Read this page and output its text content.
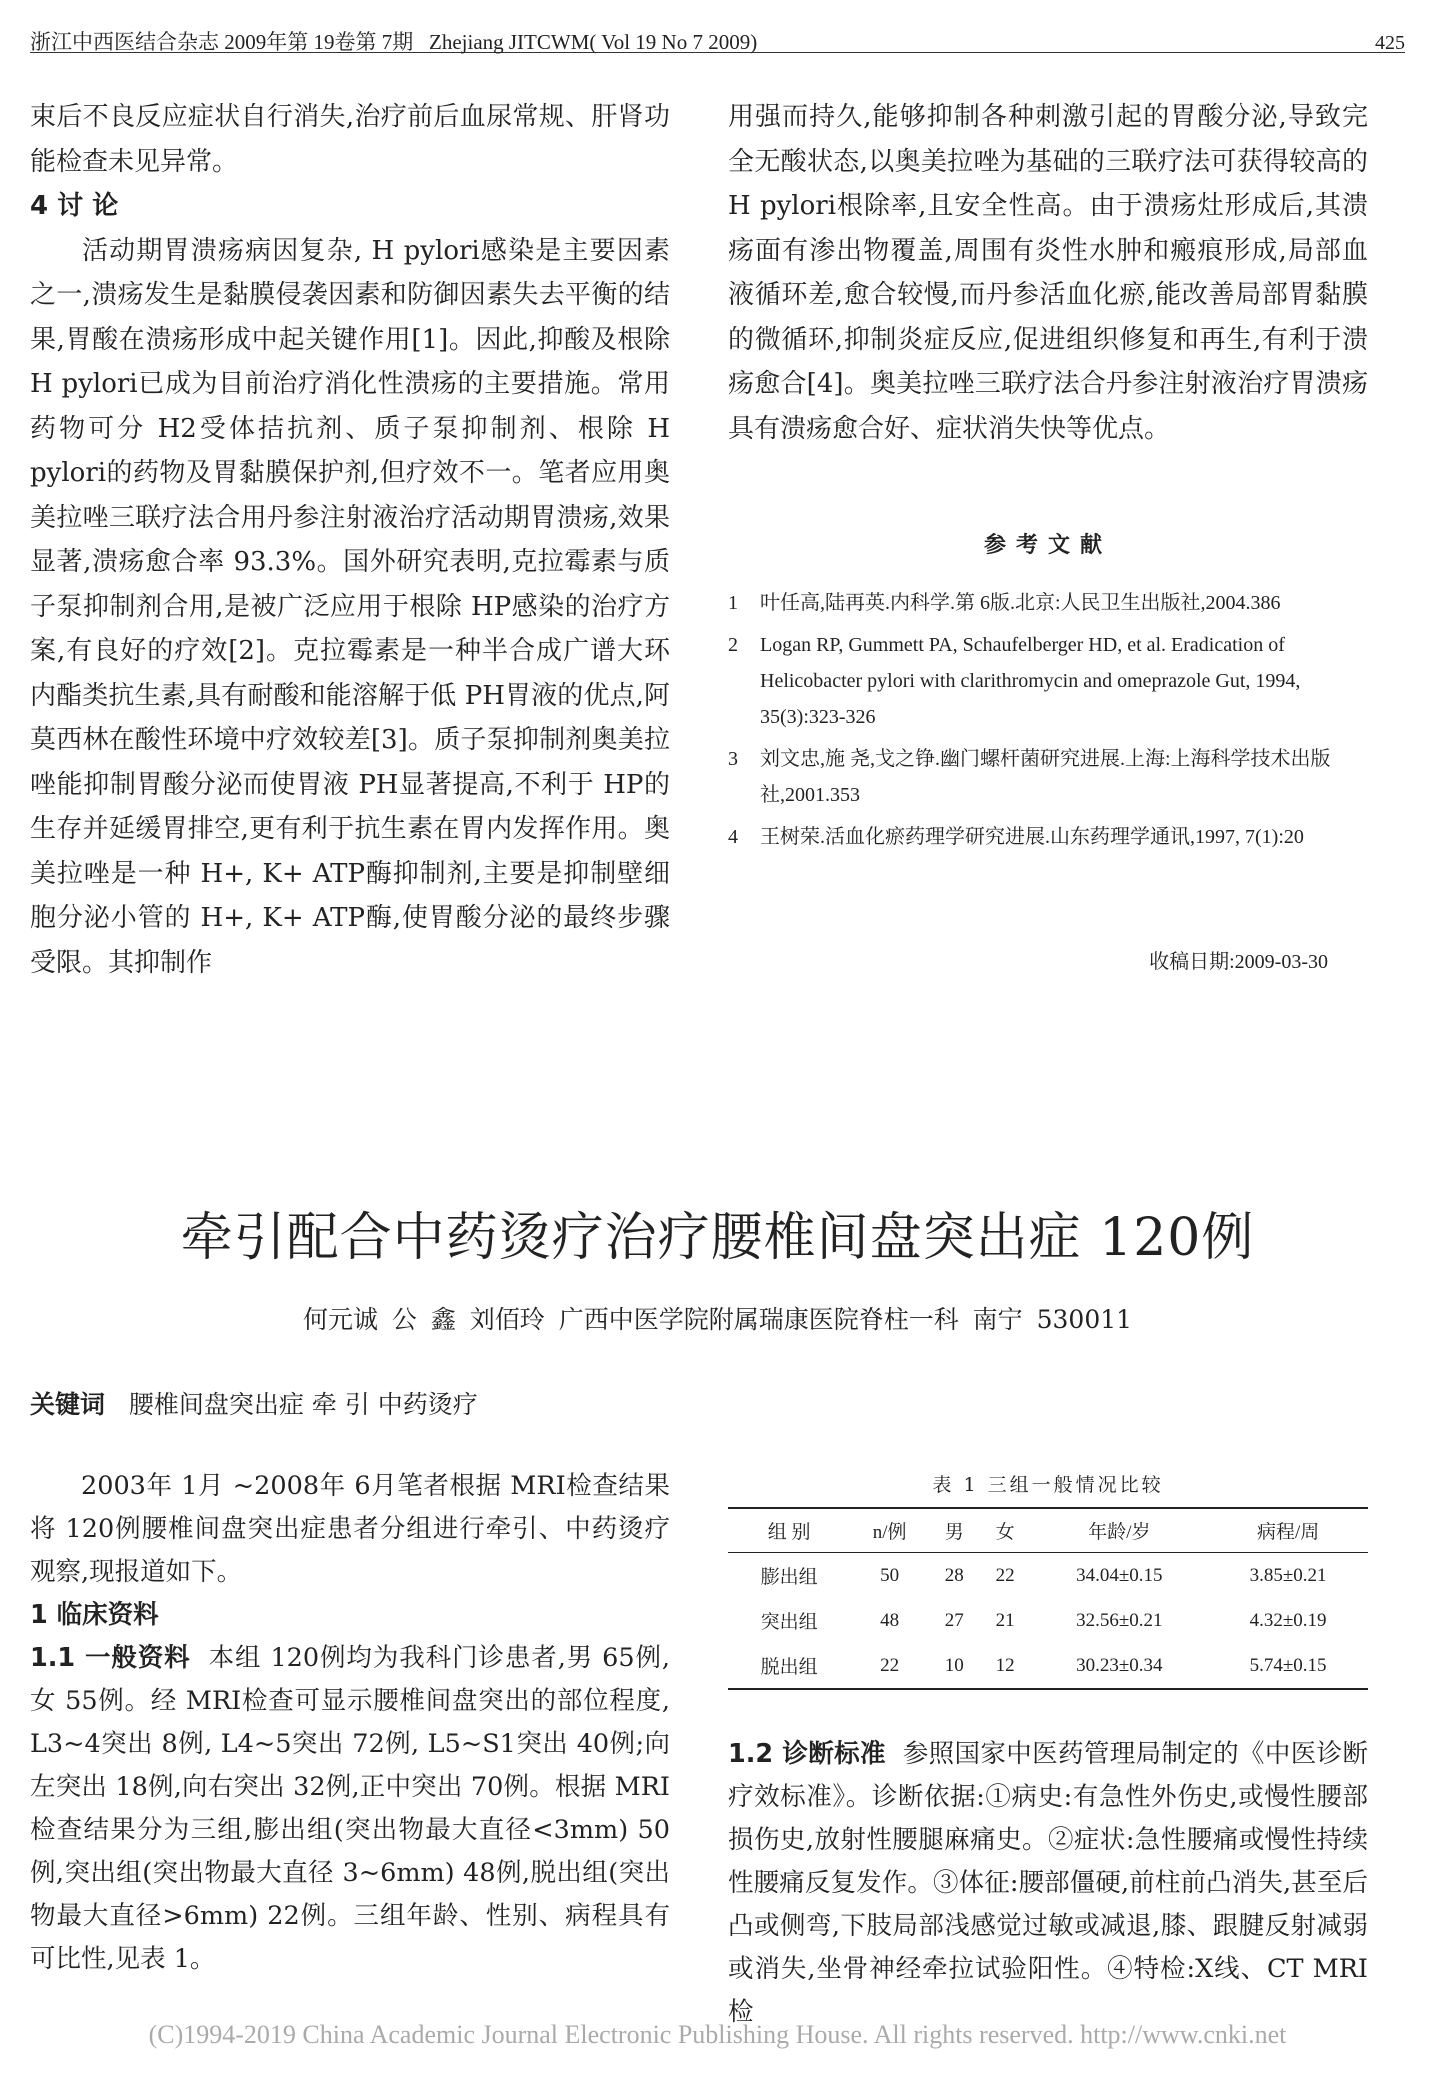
浙江中西医结合杂志 2009年第 19卷第 7期 Zhejiang JITCWM( Vol 19 No 7 2009)	425

束后不良反应症状自行消失,治疗前后血尿常规、肝肾功能检查未见异常。

4 讨 论

活动期胃溃疡病因复杂, H pylori感染是主要因素之一,溃疡发生是黏膜侵袭因素和防御因素失去平衡的结果,胃酸在溃疡形成中起关键作用[1]。因此,抑酸及根除 H pylori已成为目前治疗消化性溃疡的主要措施。常用药物可分 H2受体拮抗剂、质子泵抑制剂、根除 H pylori的药物及胃黏膜保护剂,但疗效不一。笔者应用奥美拉唑三联疗法合用丹参注射液治疗活动期胃溃疡,效果显著,溃疡愈合率 93.3%。国外研究表明,克拉霉素与质子泵抑制剂合用,是被广泛应用于根除 HP感染的治疗方案,有良好的疗效[2]。克拉霉素是一种半合成广谱大环内酯类抗生素,具有耐酸和能溶解于低 PH胃液的优点,阿莫西林在酸性环境中疗效较差[3]。质子泵抑制剂奥美拉唑能抑制胃酸分泌而使胃液 PH显著提高,不利于 HP的生存并延缓胃排空,更有利于抗生素在胃内发挥作用。奥美拉唑是一种 H+, K+ ATP酶抑制剂,主要是抑制壁细胞分泌小管的 H+, K+ ATP酶,使胃酸分泌的最终步骤受限。其抑制作

用强而持久,能够抑制各种刺激引起的胃酸分泌,导致完全无酸状态,以奥美拉唑为基础的三联疗法可获得较高的 H pylori根除率,且安全性高。由于溃疡灶形成后,其溃疡面有渗出物覆盖,周围有炎性水肿和瘢痕形成,局部血液循环差,愈合较慢,而丹参活血化瘀,能改善局部胃黏膜的微循环,抑制炎症反应,促进组织修复和再生,有利于溃疡愈合[4]。奥美拉唑三联疗法合丹参注射液治疗胃溃疡具有溃疡愈合好、症状消失快等优点。

参考文献
1	叶任高,陆再英.内科学.第 6版.北京:人民卫生出版社,2004.386
2	Logan RP, Gummett PA, Schaufelberger HD, et al. Eradication of Helicobacter pylori with clarithromycin and omeprazole Gut, 1994, 35(3):323-326
3	刘文忠,施 尧,戈之铮.幽门螺杆菌研究进展.上海:上海科学技术出版社,2001.353
4	王树荣.活血化瘀药理学研究进展.山东药理学通讯,1997, 7(1):20
收稿日期:2009-03-30
牵引配合中药烫疗治疗腰椎间盘突出症 120例
何元诚 公 鑫 刘佰玲 广西中医学院附属瑞康医院脊柱一科 南宁 530011
关键词 腰椎间盘突出症 牵 引 中药烫疗

2003年 1月 ~2008年 6月笔者根据 MRI检查结果将 120例腰椎间盘突出症患者分组进行牵引、中药烫疗观察,现报道如下。

1 临床资料

1.1 一般资料 本组 120例均为我科门诊患者,男 65例,女 55例。经 MRI检查可显示腰椎间盘突出的部位程度, L3~4突出 8例, L4~5突出 72例, L5~S1突出 40例;向左突出 18例,向右突出 32例,正中突出 70例。根据 MRI检查结果分为三组,膨出组(突出物最大直径<3mm) 50例,突出组(突出物最大直径 3~6mm) 48例,脱出组(突出物最大直径>6mm) 22例。三组年龄、性别、病程具有可比性,见表 1。

表 1 三组一般情况比较
组 别	n/例	男	女	年龄/岁	病程/周
膨出组	50	28	22	34.04±0.15	3.85±0.21
突出组	48	27	21	32.56±0.21	4.32±0.19
脱出组	22	10	12	30.23±0.34	5.74±0.15

1.2 诊断标准 参照国家中医药管理局制定的《中医诊断疗效标准》。诊断依据:①病史:有急性外伤史,或慢性腰部损伤史,放射性腰腿麻痛史。②症状:急性腰痛或慢性持续性腰痛反复发作。③体征:腰部僵硬,前柱前凸消失,甚至后凸或侧弯,下肢局部浅感觉过敏或减退,膝、跟腱反射减弱或消失,坐骨神经牵拉试验阳性。④特检:X线、CT MRI检

(C)1994-2019 China Academic Journal Electronic Publishing House. All rights reserved. http://www.cnki.net
